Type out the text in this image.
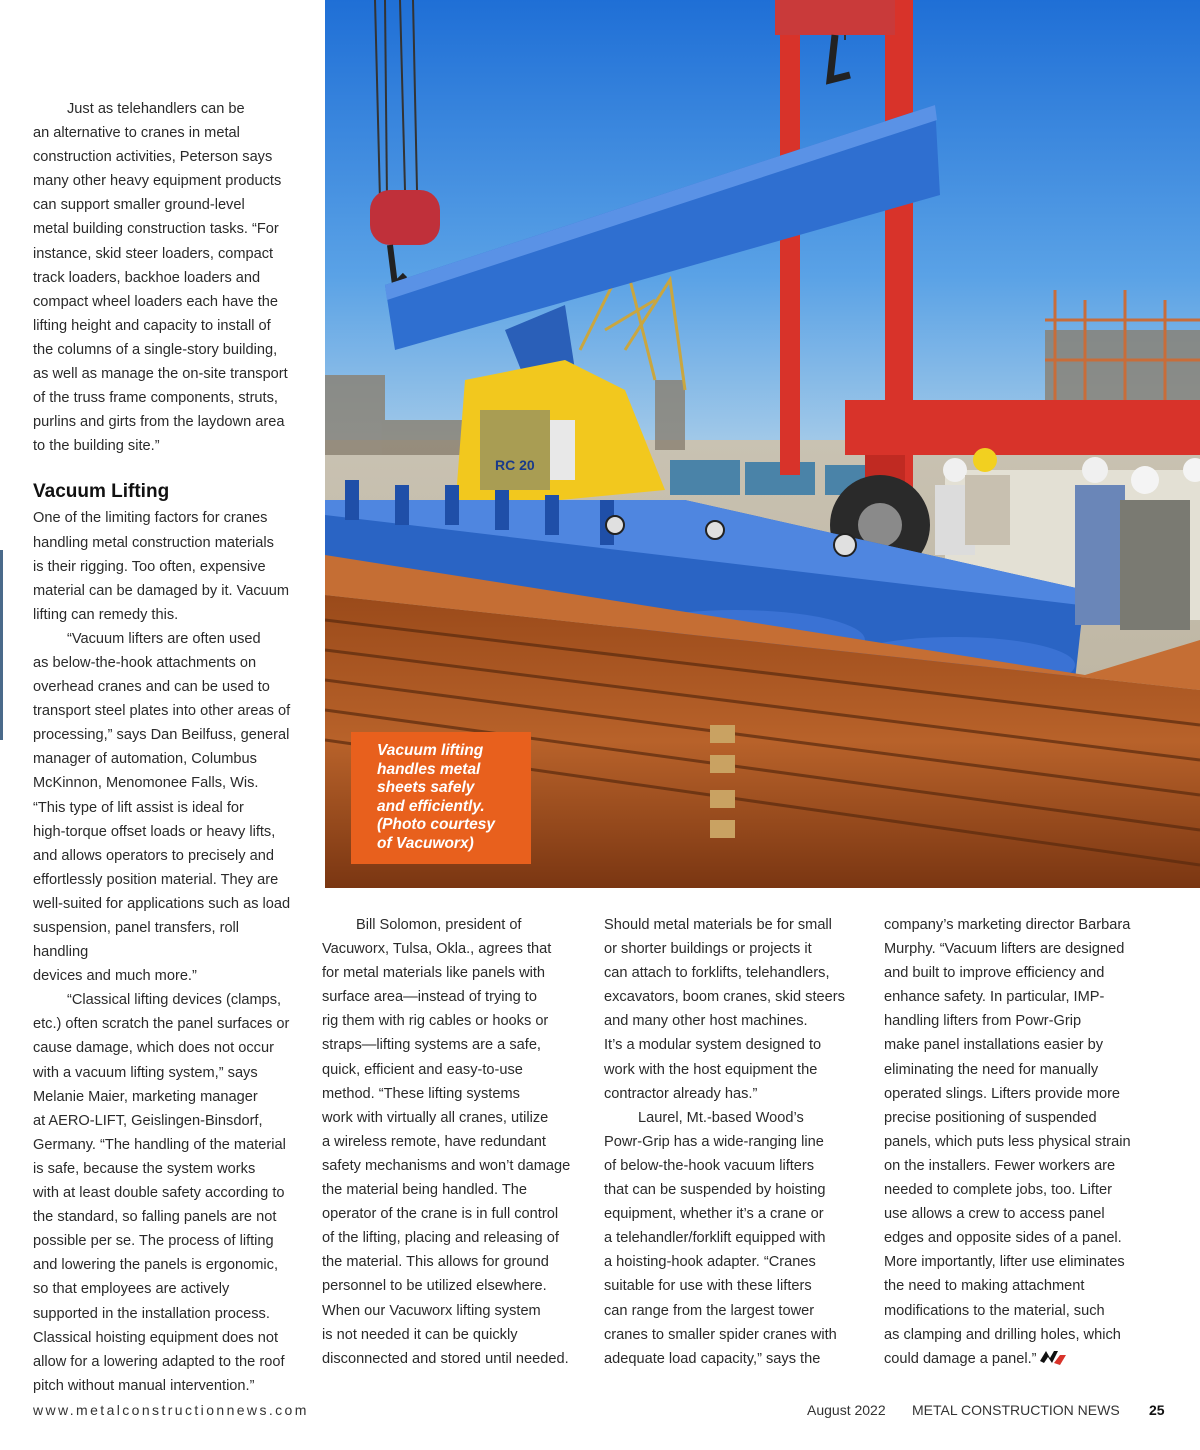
Just as telehandlers can be
an alternative to cranes in metal
construction activities, Peterson says
many other heavy equipment products
can support smaller ground-level
metal building construction tasks. “For
instance, skid steer loaders, compact
track loaders, backhoe loaders and
compact wheel loaders each have the
lifting height and capacity to install of
the columns of a single-story building,
as well as manage the on-site transport
of the truss frame components, struts,
purlins and girts from the laydown area
to the building site.”

Vacuum Lifting

One of the limiting factors for cranes
handling metal construction materials
is their rigging. Too often, expensive
material can be damaged by it. Vacuum
lifting can remedy this.

“Vacuum lifters are often used
as below-the-hook attachments on
overhead cranes and can be used to
transport steel plates into other areas of
processing,” says Dan Beilfuss, general
manager of automation, Columbus
McKinnon, Menomonee Falls, Wis.
“This type of lift assist is ideal for
high-torque offset loads or heavy lifts,
and allows operators to precisely and
effortlessly position material. They are
well-suited for applications such as load
suspension, panel transfers, roll handling
devices and much more.”

“Classical lifting devices (clamps,
etc.) often scratch the panel surfaces or
cause damage, which does not occur
with a vacuum lifting system,” says
Melanie Maier, marketing manager
at AERO-LIFT, Geislingen-Binsdorf,
Germany. “The handling of the material
is safe, because the system works
with at least double safety according to
the standard, so falling panels are not
possible per se. The process of lifting
and lowering the panels is ergonomic,
so that employees are actively
supported in the installation process.
Classical hoisting equipment does not
allow for a lowering adapted to the roof
pitch without manual intervention.”

RC 20
Vacuum lifting
handles metal
sheets safely
and efficiently.
(Photo courtesy
of Vacuworx)

Bill Solomon, president of
Vacuworx, Tulsa, Okla., agrees that
for metal materials like panels with
surface area—instead of trying to
rig them with rig cables or hooks or
straps—lifting systems are a safe,
quick, efficient and easy-to-use
method. “These lifting systems
work with virtually all cranes, utilize
a wireless remote, have redundant
safety mechanisms and won’t damage
the material being handled. The
operator of the crane is in full control
of the lifting, placing and releasing of
the material. This allows for ground
personnel to be utilized elsewhere.
When our Vacuworx lifting system
is not needed it can be quickly
disconnected and stored until needed.

Should metal materials be for small
or shorter buildings or projects it
can attach to forklifts, telehandlers,
excavators, boom cranes, skid steers
and many other host machines.
It’s a modular system designed to
work with the host equipment the
contractor already has.”

Laurel, Mt.-based Wood’s
Powr-Grip has a wide-ranging line
of below-the-hook vacuum lifters
that can be suspended by hoisting
equipment, whether it’s a crane or
a telehandler/forklift equipped with
a hoisting-hook adapter. “Cranes
suitable for use with these lifters
can range from the largest tower
cranes to smaller spider cranes with
adequate load capacity,” says the

company’s marketing director Barbara
Murphy. “Vacuum lifters are designed
and built to improve efficiency and
enhance safety. In particular, IMP-
handling lifters from Powr-Grip
make panel installations easier by
eliminating the need for manually
operated slings. Lifters provide more
precise positioning of suspended
panels, which puts less physical strain
on the installers. Fewer workers are
needed to complete jobs, too. Lifter
use allows a crew to access panel
edges and opposite sides of a panel.
More importantly, lifter use eliminates
the need to making attachment
modifications to the material, such
as clamping and drilling holes, which
could damage a panel.”

www.metalconstructionnews.com	August 2022 METAL CONSTRUCTION NEWS 25
